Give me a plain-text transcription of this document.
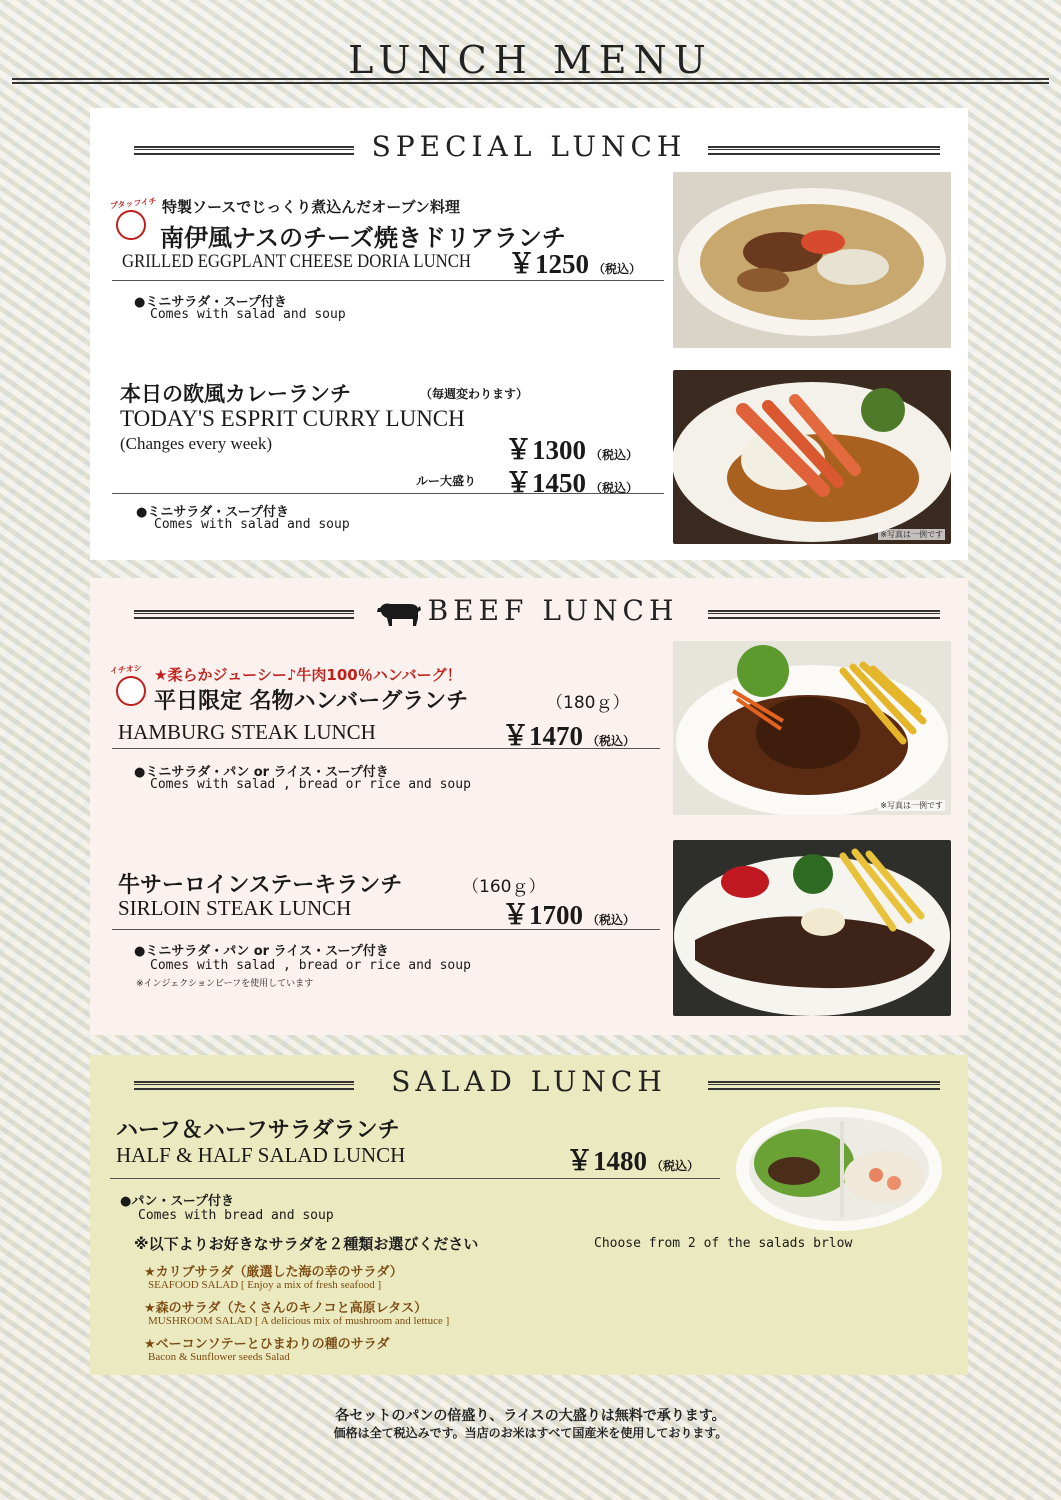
LUNCH MENU
SPECIAL LUNCH
ブタッフイチ 特製ソースでじっくり煮込んだオーブン料理
南伊風ナスのチーズ焼きドリアランチ
GRILLED EGGPLANT CHEESE DORIA LUNCH ￥1250 （税込）
●ミニサラダ・スープ付き
Comes with salad and soup
本日の欧風カレーランチ	（毎週変わります）
TODAY'S ESPRIT CURRY LUNCH
(Changes every week)	￥1300 （税込）
ルー大盛り ￥1450 （税込）
●ミニサラダ・スープ付き
Comes with salad and soup
※写真は一例です
BEEF LUNCH
イチオシ ★柔らかジューシー♪牛肉100％ハンバーグ！
平日限定 名物ハンバーグランチ	（180ｇ）
HAMBURG STEAK LUNCH	￥1470 （税込）
●ミニサラダ・パン or ライス・スープ付き
Comes with salad , bread or rice and soup
※写真は一例です
牛サーロインステーキランチ	（160ｇ）
SIRLOIN STEAK LUNCH	￥1700 （税込）
●ミニサラダ・パン or ライス・スープ付き
Comes with salad , bread or rice and soup
※インジェクションビーフを使用しています
SALAD LUNCH
ハーフ＆ハーフサラダランチ
HALF & HALF SALAD LUNCH	￥1480 （税込）
●パン・スープ付き
Comes with bread and soup
※以下よりお好きなサラダを２種類お選びください	Choose from 2 of the salads brlow
★カリブサラダ（厳選した海の幸のサラダ）
SEAFOOD SALAD [ Enjoy a mix of fresh seafood ]
★森のサラダ（たくさんのキノコと高原レタス）
MUSHROOM SALAD [ A delicious mix of mushroom and lettuce ]
★ベーコンソテーとひまわりの種のサラダ
Bacon & Sunflower seeds Salad
各セットのパンの倍盛り、ライスの大盛りは無料で承ります。
価格は全て税込みです。当店のお米はすべて国産米を使用しております。
